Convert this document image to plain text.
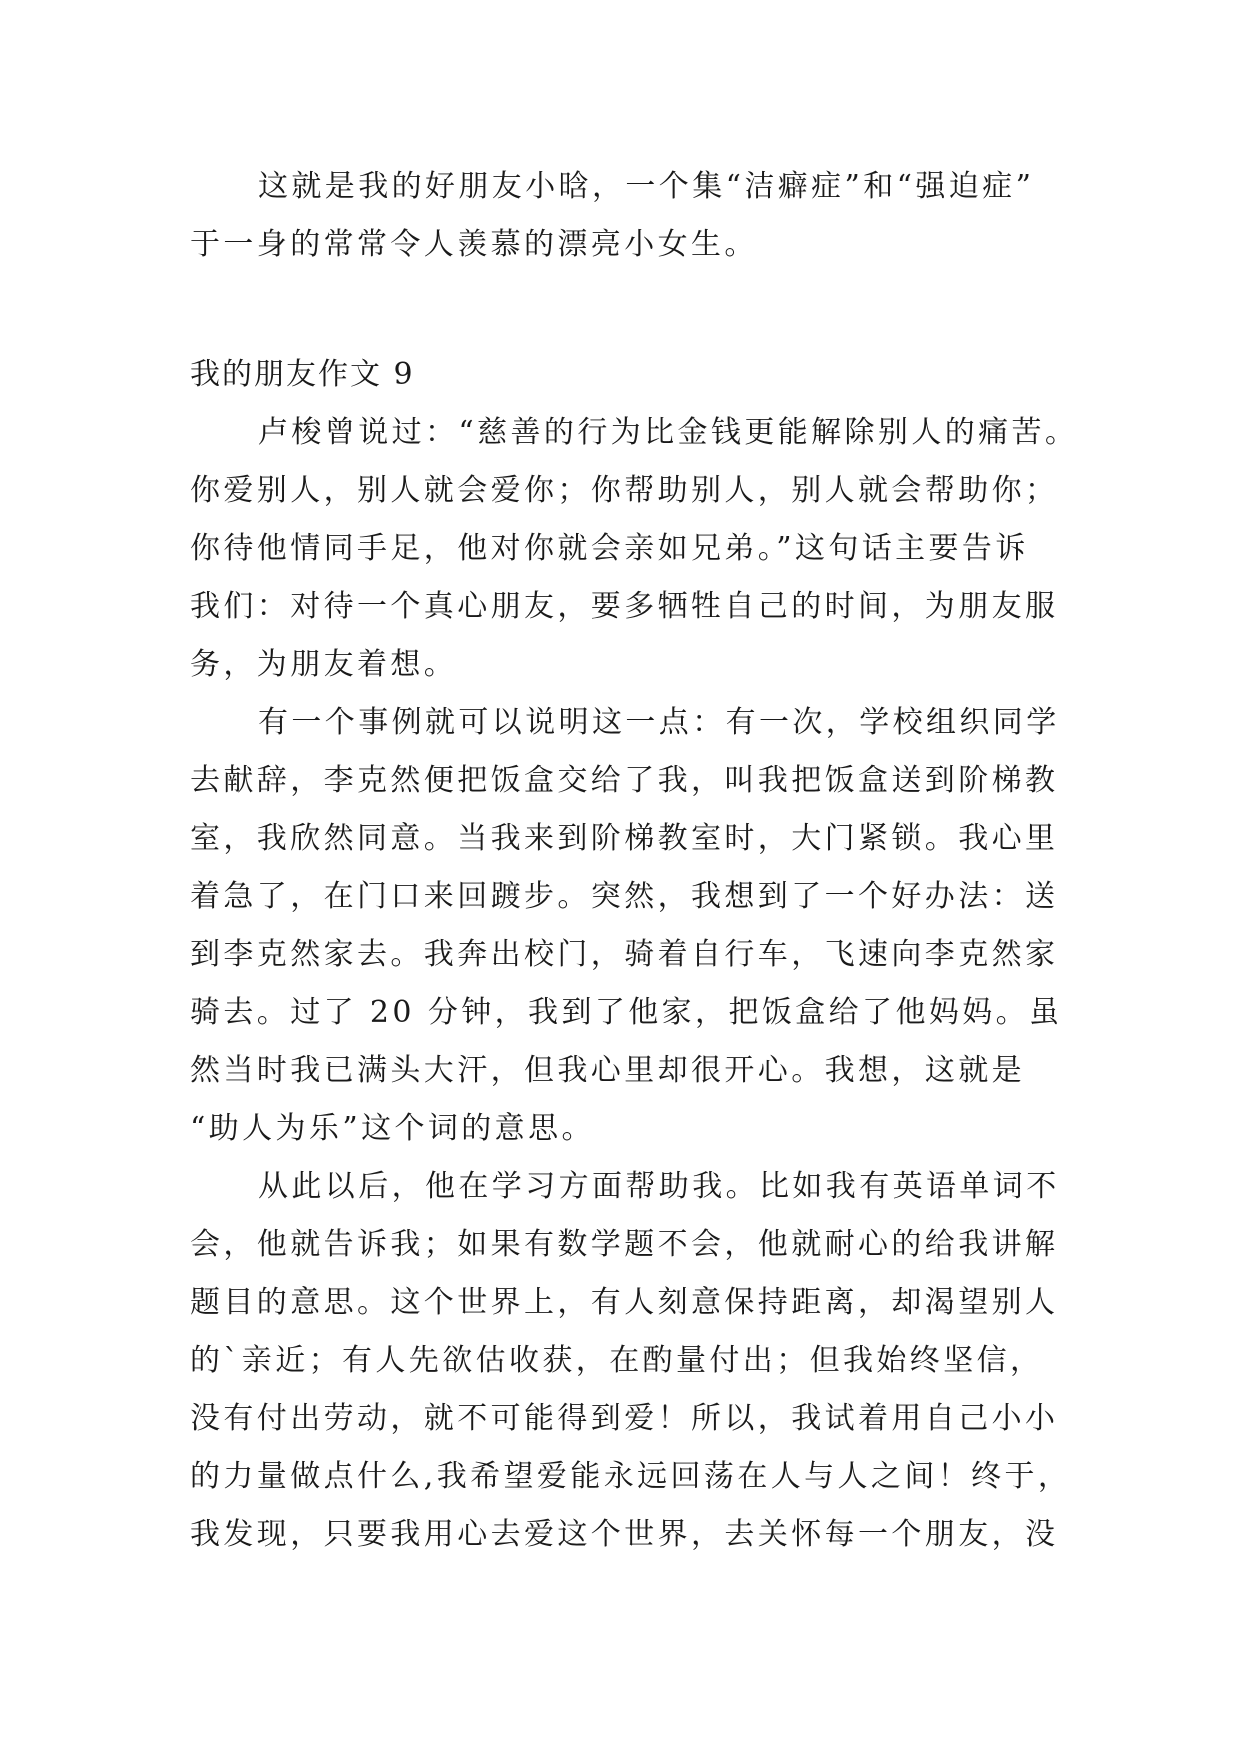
这就是我的好朋友小晗，一个集“洁癖症”和“强迫症”
于一身的常常令人羡慕的漂亮小女生。
我的朋友作文 9
卢梭曾说过：“慈善的行为比金钱更能解除别人的痛苦。
你爱别人，别人就会爱你；你帮助别人，别人就会帮助你；
你待他情同手足，他对你就会亲如兄弟。”这句话主要告诉
我们：对待一个真心朋友，要多牺牲自己的时间，为朋友服
务，为朋友着想。
有一个事例就可以说明这一点：有一次，学校组织同学
去献辞，李克然便把饭盒交给了我，叫我把饭盒送到阶梯教
室，我欣然同意。当我来到阶梯教室时，大门紧锁。我心里
着急了，在门口来回踱步。突然，我想到了一个好办法：送
到李克然家去。我奔出校门，骑着自行车，飞速向李克然家
骑去。过了 20 分钟，我到了他家，把饭盒给了他妈妈。虽
然当时我已满头大汗，但我心里却很开心。我想，这就是
“助人为乐”这个词的意思。
从此以后，他在学习方面帮助我。比如我有英语单词不
会，他就告诉我；如果有数学题不会，他就耐心的给我讲解
题目的意思。这个世界上，有人刻意保持距离，却渴望别人
的`亲近；有人先欲估收获，在酌量付出；但我始终坚信，
没有付出劳动，就不可能得到爱！所以，我试着用自己小小
的力量做点什么,我希望爱能永远回荡在人与人之间！终于，
我发现，只要我用心去爱这个世界，去关怀每一个朋友，没
